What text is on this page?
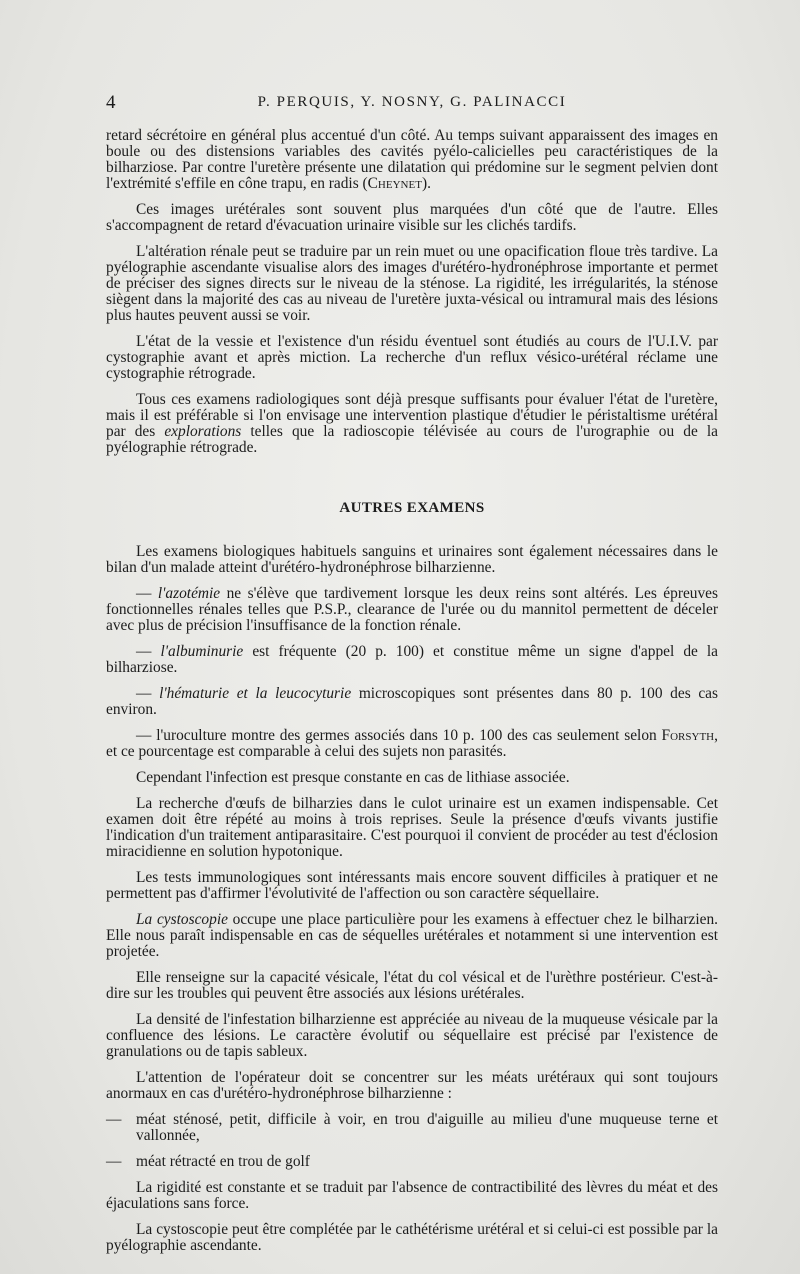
4	P. PERQUIS, Y. NOSNY, G. PALINACCI

retard sécrétoire en général plus accentué d'un côté. Au temps suivant apparaissent des images en boule ou des distensions variables des cavités pyélo-calicielles peu caractéristiques de la bilharziose. Par contre l'uretère présente une dilatation qui prédomine sur le segment pelvien dont l'extrémité s'effile en cône trapu, en radis (Cheynet).

Ces images urétérales sont souvent plus marquées d'un côté que de l'autre. Elles s'accompagnent de retard d'évacuation urinaire visible sur les clichés tardifs.

L'altération rénale peut se traduire par un rein muet ou une opacification floue très tardive. La pyélographie ascendante visualise alors des images d'urétéro-hydronéphrose importante et permet de préciser des signes directs sur le niveau de la sténose. La rigidité, les irrégularités, la sténose siègent dans la majorité des cas au niveau de l'uretère juxta-vésical ou intramural mais des lésions plus hautes peuvent aussi se voir.

L'état de la vessie et l'existence d'un résidu éventuel sont étudiés au cours de l'U.I.V. par cystographie avant et après miction. La recherche d'un reflux vésico-urétéral réclame une cystographie rétrograde.

Tous ces examens radiologiques sont déjà presque suffisants pour évaluer l'état de l'uretère, mais il est préférable si l'on envisage une intervention plastique d'étudier le péristaltisme urétéral par des explorations telles que la radioscopie télévisée au cours de l'urographie ou de la pyélographie rétrograde.

AUTRES EXAMENS

Les examens biologiques habituels sanguins et urinaires sont également nécessaires dans le bilan d'un malade atteint d'urétéro-hydronéphrose bilharzienne.

— l'azotémie ne s'élève que tardivement lorsque les deux reins sont altérés. Les épreuves fonctionnelles rénales telles que P.S.P., clearance de l'urée ou du mannitol permettent de déceler avec plus de précision l'insuffisance de la fonction rénale.

— l'albuminurie est fréquente (20 p. 100) et constitue même un signe d'appel de la bilharziose.

— l'hématurie et la leucocyturie microscopiques sont présentes dans 80 p. 100 des cas environ.

— l'uroculture montre des germes associés dans 10 p. 100 des cas seulement selon Forsyth, et ce pourcentage est comparable à celui des sujets non parasités.

Cependant l'infection est presque constante en cas de lithiase associée.

La recherche d'œufs de bilharzies dans le culot urinaire est un examen indispensable. Cet examen doit être répété au moins à trois reprises. Seule la présence d'œufs vivants justifie l'indication d'un traitement antiparasitaire. C'est pourquoi il convient de procéder au test d'éclosion miracidienne en solution hypotonique.

Les tests immunologiques sont intéressants mais encore souvent difficiles à pratiquer et ne permettent pas d'affirmer l'évolutivité de l'affection ou son caractère séquellaire.

La cystoscopie occupe une place particulière pour les examens à effectuer chez le bilharzien. Elle nous paraît indispensable en cas de séquelles urétérales et notamment si une intervention est projetée.

Elle renseigne sur la capacité vésicale, l'état du col vésical et de l'urèthre postérieur. C'est-à-dire sur les troubles qui peuvent être associés aux lésions urétérales.

La densité de l'infestation bilharzienne est appréciée au niveau de la muqueuse vésicale par la confluence des lésions. Le caractère évolutif ou séquellaire est précisé par l'existence de granulations ou de tapis sableux.

L'attention de l'opérateur doit se concentrer sur les méats urétéraux qui sont toujours anormaux en cas d'urétéro-hydronéphrose bilharzienne :

— méat sténosé, petit, difficile à voir, en trou d'aiguille au milieu d'une muqueuse terne et vallonnée,

— méat rétracté en trou de golf

La rigidité est constante et se traduit par l'absence de contractibilité des lèvres du méat et des éjaculations sans force.

La cystoscopie peut être complétée par le cathétérisme urétéral et si celui-ci est possible par la pyélographie ascendante.
